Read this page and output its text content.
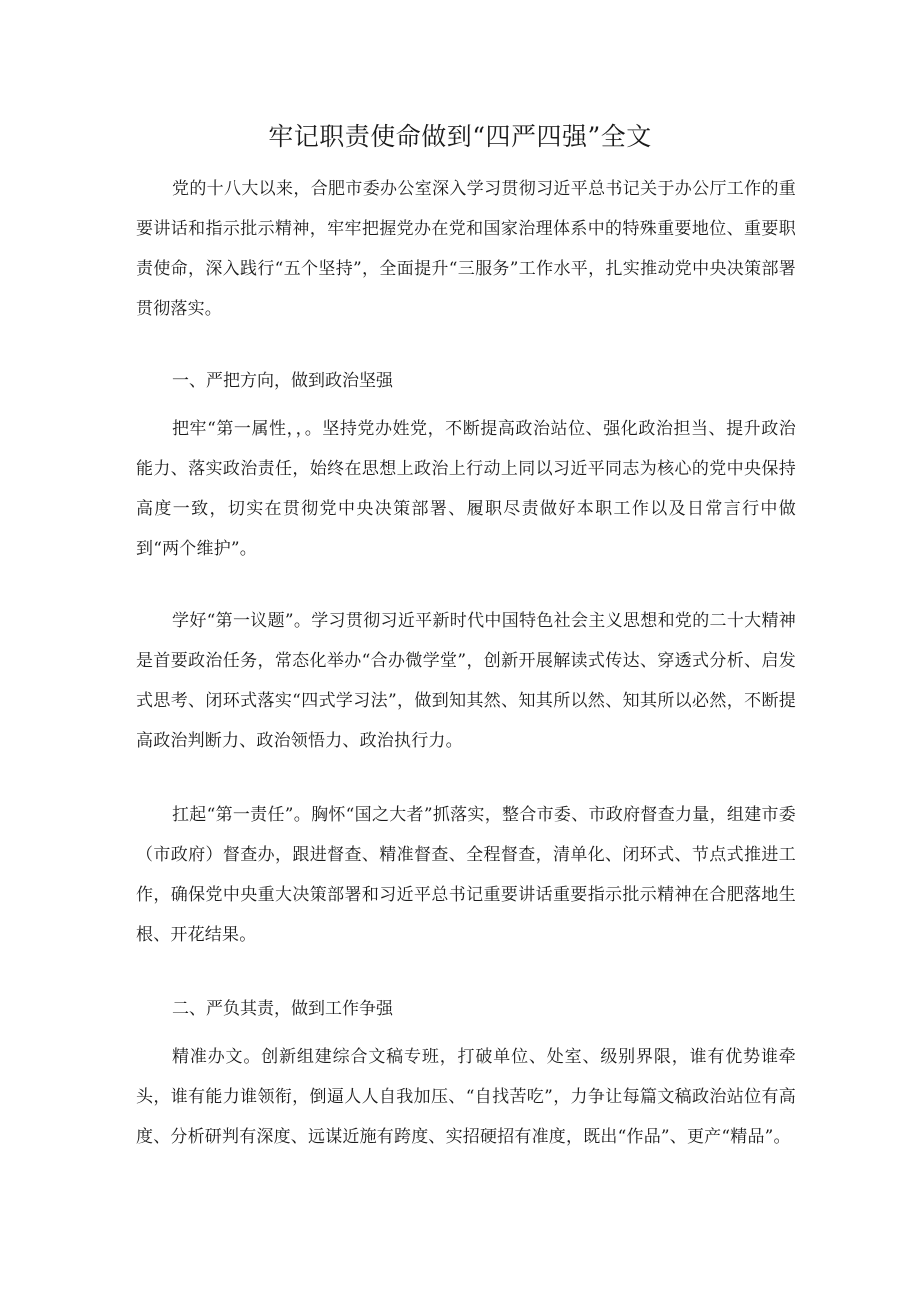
牢记职责使命做到“四严四强”全文

党的十八大以来，合肥市委办公室深入学习贯彻习近平总书记关于办公厅工作的重要讲话和指示批示精神，牢牢把握党办在党和国家治理体系中的特殊重要地位、重要职责使命，深入践行“五个坚持”，全面提升“三服务”工作水平，扎实推动党中央决策部署贯彻落实。

一、严把方向，做到政治坚强

把牢“第一属性，，。坚持党办姓党，不断提高政治站位、强化政治担当、提升政治能力、落实政治责任，始终在思想上政治上行动上同以习近平同志为核心的党中央保持高度一致，切实在贯彻党中央决策部署、履职尽责做好本职工作以及日常言行中做到“两个维护”。

学好“第一议题”。学习贯彻习近平新时代中国特色社会主义思想和党的二十大精神是首要政治任务，常态化举办“合办微学堂”，创新开展解读式传达、穿透式分析、启发式思考、闭环式落实“四式学习法”，做到知其然、知其所以然、知其所以必然，不断提高政治判断力、政治领悟力、政治执行力。

扛起“第一责任”。胸怀“国之大者”抓落实，整合市委、市政府督查力量，组建市委（市政府）督查办，跟进督查、精准督查、全程督查，清单化、闭环式、节点式推进工作，确保党中央重大决策部署和习近平总书记重要讲话重要指示批示精神在合肥落地生根、开花结果。

二、严负其责，做到工作争强

精准办文。创新组建综合文稿专班，打破单位、处室、级别界限，谁有优势谁牵头，谁有能力谁领衔，倒逼人人自我加压、“自找苦吃”，力争让每篇文稿政治站位有高度、分析研判有深度、远谋近施有跨度、实招硬招有准度，既出“作品”、更产“精品”。
